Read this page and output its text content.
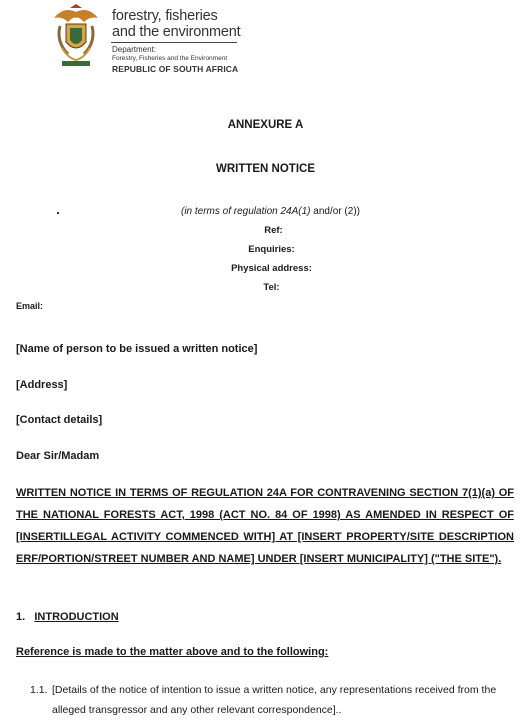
forestry, fisheries
and the environment
Department:
Forestry, Fisheries and the Environment
REPUBLIC OF SOUTH AFRICA
ANNEXURE A
WRITTEN NOTICE
(in terms of regulation 24A(1) and/or (2))
Ref:
Enquiries:
Physical address:
Tel:
Email:
[Name of person to be issued a written notice]
[Address]
[Contact details]
Dear Sir/Madam
WRITTEN NOTICE IN TERMS OF REGULATION 24A FOR CONTRAVENING SECTION 7(1)(a) OF THE NATIONAL FORESTS ACT, 1998 (ACT NO. 84 OF 1998) AS AMENDED IN RESPECT OF [INSERTILLEGAL ACTIVITY COMMENCED WITH] AT [INSERT PROPERTY/SITE DESCRIPTION ERF/PORTION/STREET NUMBER AND NAME] UNDER [INSERT MUNICIPALITY] ("THE SITE").
1. INTRODUCTION
Reference is made to the matter above and to the following:
1.1. [Details of the notice of intention to issue a written notice, any representations received from the
alleged transgressor and any other relevant correspondence]..
